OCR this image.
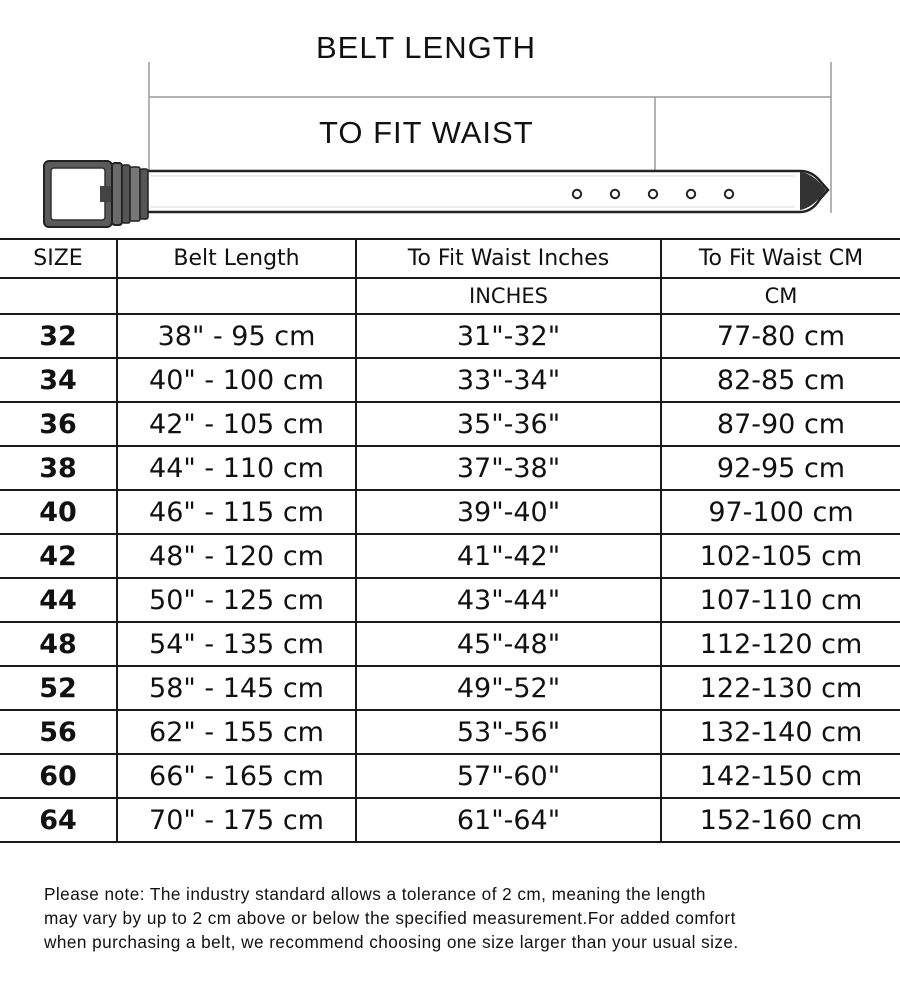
BELT LENGTH
TO FIT WAIST
SIZE	Belt Length	To Fit Waist Inches	To Fit Waist CM
		INCHES	CM
32	38" - 95 cm	31"-32"	77-80 cm
34	40" - 100 cm	33"-34"	82-85 cm
36	42" - 105 cm	35"-36"	87-90 cm
38	44" - 110 cm	37"-38"	92-95 cm
40	46" - 115 cm	39"-40"	97-100 cm
42	48" - 120 cm	41"-42"	102-105 cm
44	50" - 125 cm	43"-44"	107-110 cm
48	54" - 135 cm	45"-48"	112-120 cm
52	58" - 145 cm	49"-52"	122-130 cm
56	62" - 155 cm	53"-56"	132-140 cm
60	66" - 165 cm	57"-60"	142-150 cm
64	70" - 175 cm	61"-64"	152-160 cm
Please note: The industry standard allows a tolerance of 2 cm, meaning the length
may vary by up to 2 cm above or below the specified measurement.For added comfort
when purchasing a belt, we recommend choosing one size larger than your usual size.
